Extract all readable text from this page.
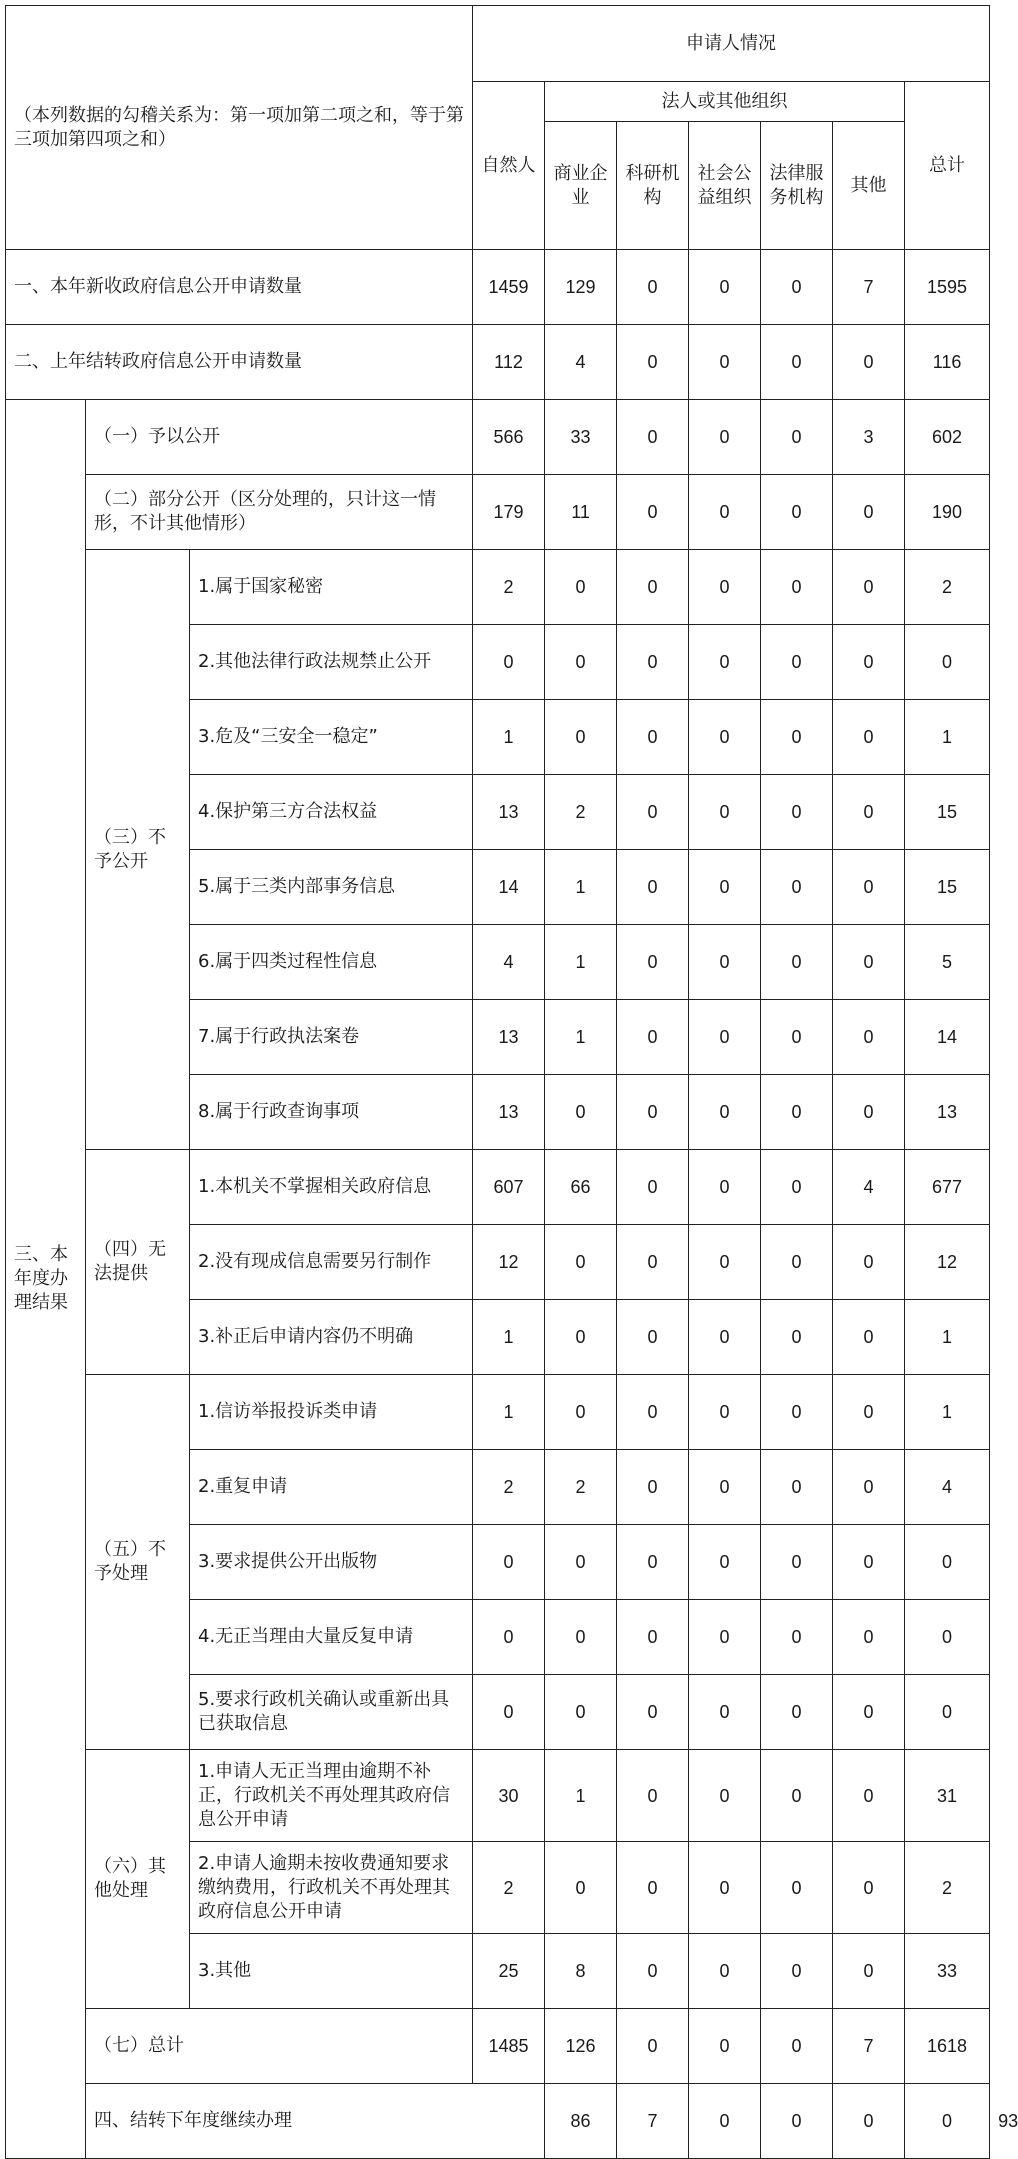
（本列数据的勾稽关系为：第一项加第二项之和，等于第三项加第四项之和）			申请人情况							
			自然人	法人或其他组织					总计	
				商业企业	科研机构	社会公益组织	法律服务机构	其他		
一、本年新收政府信息公开申请数量			1459	129	0	0	0	7	1595	
二、上年结转政府信息公开申请数量			112	4	0	0	0	0	116	
三、本年度办理结果	（一）予以公开		566	33	0	0	0	3	602	
	（二）部分公开（区分处理的，只计这一情形，不计其他情形）		179	11	0	0	0	0	190	
	（三）不予公开	1.属于国家秘密	2	0	0	0	0	0	2	
		2.其他法律行政法规禁止公开	0	0	0	0	0	0	0	
		3.危及“三安全一稳定”	1	0	0	0	0	0	1	
		4.保护第三方合法权益	13	2	0	0	0	0	15	
		5.属于三类内部事务信息	14	1	0	0	0	0	15	
		6.属于四类过程性信息	4	1	0	0	0	0	5	
		7.属于行政执法案卷	13	1	0	0	0	0	14	
		8.属于行政查询事项	13	0	0	0	0	0	13	
	（四）无法提供	1.本机关不掌握相关政府信息	607	66	0	0	0	4	677	
		2.没有现成信息需要另行制作	12	0	0	0	0	0	12	
		3.补正后申请内容仍不明确	1	0	0	0	0	0	1	
	（五）不予处理	1.信访举报投诉类申请	1	0	0	0	0	0	1	
		2.重复申请	2	2	0	0	0	0	4	
		3.要求提供公开出版物	0	0	0	0	0	0	0	
		4.无正当理由大量反复申请	0	0	0	0	0	0	0	
		5.要求行政机关确认或重新出具已获取信息	0	0	0	0	0	0	0	
	（六）其他处理	1.申请人无正当理由逾期不补正，行政机关不再处理其政府信息公开申请	30	1	0	0	0	0	31	
		2.申请人逾期未按收费通知要求缴纳费用，行政机关不再处理其政府信息公开申请	2	0	0	0	0	0	2	
		3.其他	25	8	0	0	0	0	33	
	（七）总计		1485	126	0	0	0	7	1618	
	四、结转下年度继续办理			86	7	0	0	0	0	93
